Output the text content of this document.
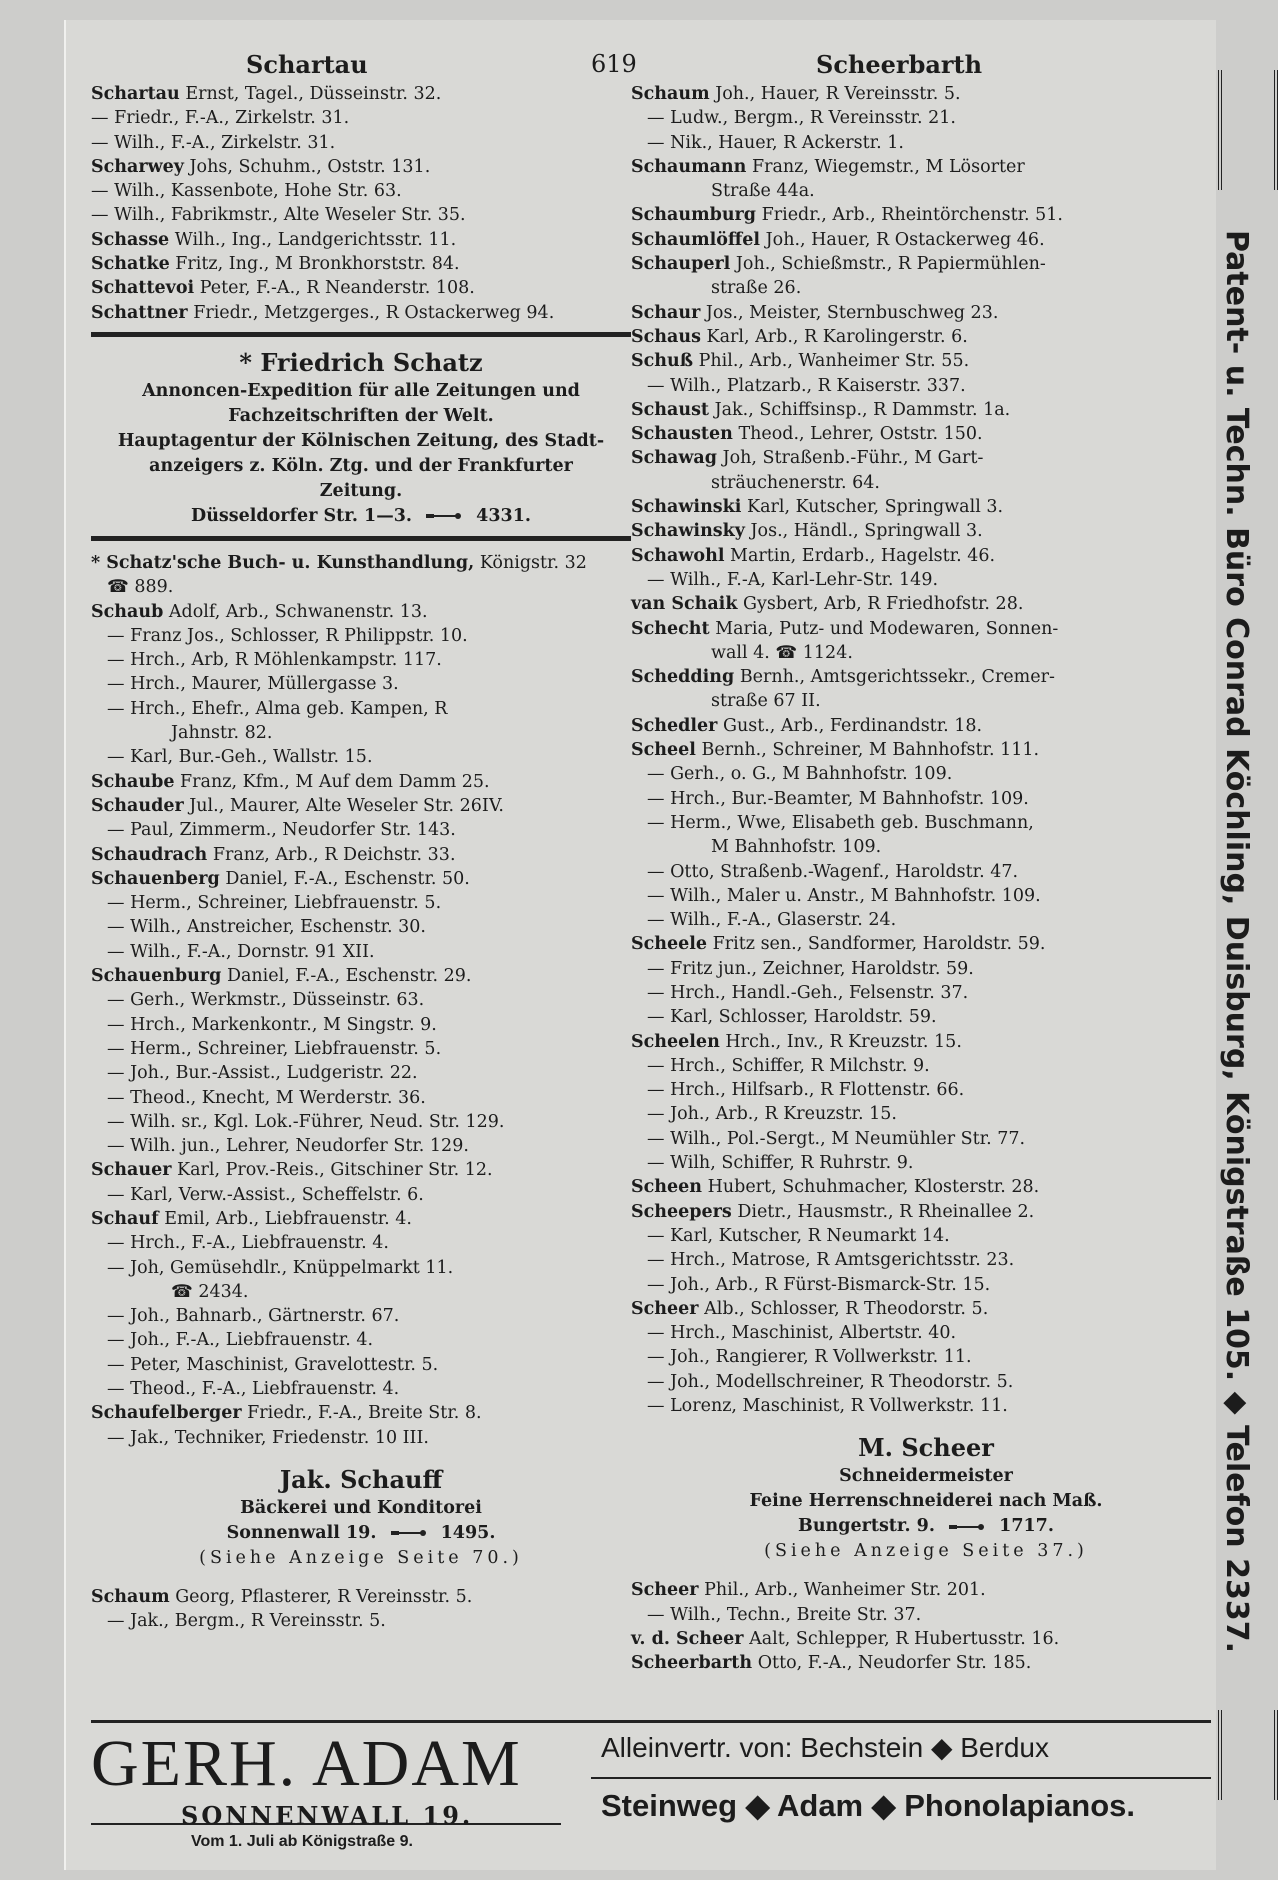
Schartau	619	Scheerbarth
Schartau Ernst, Tagel., Düsseinstr. 32.
— Friedr., F.-A., Zirkelstr. 31.
— Wilh., F.-A., Zirkelstr. 31.
Scharwey Johs, Schuhm., Oststr. 131.
— Wilh., Kassenbote, Hohe Str. 63.
— Wilh., Fabrikmstr., Alte Weseler Str. 35.
Schasse Wilh., Ing., Landgerichtsstr. 11.
Schatke Fritz, Ing., M Bronkhorststr. 84.
Schattevoi Peter, F.-A., R Neanderstr. 108.
Schattner Friedr., Metzgerges., R Ostackerweg 94.
* Friedrich Schatz
Annoncen-Expedition für alle Zeitungen und
Fachzeitschriften der Welt.
Hauptagentur der Kölnischen Zeitung, des Stadt-
anzeigers z. Köln. Ztg. und der Frankfurter
Zeitung.
Düsseldorfer Str. 1—3.	4331.
* Schatz'sche Buch- u. Kunsthandlung, Königstr. 32
☎ 889.
Schaub Adolf, Arb., Schwanenstr. 13.
— Franz Jos., Schlosser, R Philippstr. 10.
— Hrch., Arb, R Möhlenkampstr. 117.
— Hrch., Maurer, Müllergasse 3.
— Hrch., Ehefr., Alma geb. Kampen, R
Jahnstr. 82.
— Karl, Bur.-Geh., Wallstr. 15.
Schaube Franz, Kfm., M Auf dem Damm 25.
Schauder Jul., Maurer, Alte Weseler Str. 26IV.
— Paul, Zimmerm., Neudorfer Str. 143.
Schaudrach Franz, Arb., R Deichstr. 33.
Schauenberg Daniel, F.-A., Eschenstr. 50.
— Herm., Schreiner, Liebfrauenstr. 5.
— Wilh., Anstreicher, Eschenstr. 30.
— Wilh., F.-A., Dornstr. 91 XII.
Schauenburg Daniel, F.-A., Eschenstr. 29.
— Gerh., Werkmstr., Düsseinstr. 63.
— Hrch., Markenkontr., M Singstr. 9.
— Herm., Schreiner, Liebfrauenstr. 5.
— Joh., Bur.-Assist., Ludgeristr. 22.
— Theod., Knecht, M Werderstr. 36.
— Wilh. sr., Kgl. Lok.-Führer, Neud. Str. 129.
— Wilh. jun., Lehrer, Neudorfer Str. 129.
Schauer Karl, Prov.-Reis., Gitschiner Str. 12.
— Karl, Verw.-Assist., Scheffelstr. 6.
Schauf Emil, Arb., Liebfrauenstr. 4.
— Hrch., F.-A., Liebfrauenstr. 4.
— Joh, Gemüsehdlr., Knüppelmarkt 11.
☎ 2434.
— Joh., Bahnarb., Gärtnerstr. 67.
— Joh., F.-A., Liebfrauenstr. 4.
— Peter, Maschinist, Gravelottestr. 5.
— Theod., F.-A., Liebfrauenstr. 4.
Schaufelberger Friedr., F.-A., Breite Str. 8.
— Jak., Techniker, Friedenstr. 10 III.
Jak. Schauff
Bäckerei und Konditorei
Sonnenwall 19.	1495.
(Siehe Anzeige Seite 70.)
Schaum Georg, Pflasterer, R Vereinsstr. 5.
— Jak., Bergm., R Vereinsstr. 5.
Schaum Joh., Hauer, R Vereinsstr. 5.
— Ludw., Bergm., R Vereinsstr. 21.
— Nik., Hauer, R Ackerstr. 1.
Schaumann Franz, Wiegemstr., M Lösorter
Straße 44a.
Schaumburg Friedr., Arb., Rheintörchenstr. 51.
Schaumlöffel Joh., Hauer, R Ostackerweg 46.
Schauperl Joh., Schießmstr., R Papiermühlen-
straße 26.
Schaur Jos., Meister, Sternbuschweg 23.
Schaus Karl, Arb., R Karolingerstr. 6.
Schuß Phil., Arb., Wanheimer Str. 55.
— Wilh., Platzarb., R Kaiserstr. 337.
Schaust Jak., Schiffsinsp., R Dammstr. 1a.
Schausten Theod., Lehrer, Oststr. 150.
Schawag Joh, Straßenb.-Führ., M Gart-
sträuchenerstr. 64.
Schawinski Karl, Kutscher, Springwall 3.
Schawinsky Jos., Händl., Springwall 3.
Schawohl Martin, Erdarb., Hagelstr. 46.
— Wilh., F.-A, Karl-Lehr-Str. 149.
van Schaik Gysbert, Arb, R Friedhofstr. 28.
Schecht Maria, Putz- und Modewaren, Sonnen-
wall 4. ☎ 1124.
Schedding Bernh., Amtsgerichtssekr., Cremer-
straße 67 II.
Schedler Gust., Arb., Ferdinandstr. 18.
Scheel Bernh., Schreiner, M Bahnhofstr. 111.
— Gerh., o. G., M Bahnhofstr. 109.
— Hrch., Bur.-Beamter, M Bahnhofstr. 109.
— Herm., Wwe, Elisabeth geb. Buschmann,
M Bahnhofstr. 109.
— Otto, Straßenb.-Wagenf., Haroldstr. 47.
— Wilh., Maler u. Anstr., M Bahnhofstr. 109.
— Wilh., F.-A., Glaserstr. 24.
Scheele Fritz sen., Sandformer, Haroldstr. 59.
— Fritz jun., Zeichner, Haroldstr. 59.
— Hrch., Handl.-Geh., Felsenstr. 37.
— Karl, Schlosser, Haroldstr. 59.
Scheelen Hrch., Inv., R Kreuzstr. 15.
— Hrch., Schiffer, R Milchstr. 9.
— Hrch., Hilfsarb., R Flottenstr. 66.
— Joh., Arb., R Kreuzstr. 15.
— Wilh., Pol.-Sergt., M Neumühler Str. 77.
— Wilh, Schiffer, R Ruhrstr. 9.
Scheen Hubert, Schuhmacher, Klosterstr. 28.
Scheepers Dietr., Hausmstr., R Rheinallee 2.
— Karl, Kutscher, R Neumarkt 14.
— Hrch., Matrose, R Amtsgerichtsstr. 23.
— Joh., Arb., R Fürst-Bismarck-Str. 15.
Scheer Alb., Schlosser, R Theodorstr. 5.
— Hrch., Maschinist, Albertstr. 40.
— Joh., Rangierer, R Vollwerkstr. 11.
— Joh., Modellschreiner, R Theodorstr. 5.
— Lorenz, Maschinist, R Vollwerkstr. 11.
M. Scheer
Schneidermeister
Feine Herrenschneiderei nach Maß.
Bungertstr. 9.	1717.
(Siehe Anzeige Seite 37.)
Scheer Phil., Arb., Wanheimer Str. 201.
— Wilh., Techn., Breite Str. 37.
v. d. Scheer Aalt, Schlepper, R Hubertusstr. 16.
Scheerbarth Otto, F.-A., Neudorfer Str. 185.
Patent- u. Techn. Büro Conrad Köchling, Duisburg, Königstraße 105. ◆ Telefon 2337.
GERH. ADAM
SONNENWALL 19.
Vom 1. Juli ab Königstraße 9.
Alleinvertr. von: Bechstein ◆ Berdux
Steinweg ◆ Adam ◆ Phonolapianos.
